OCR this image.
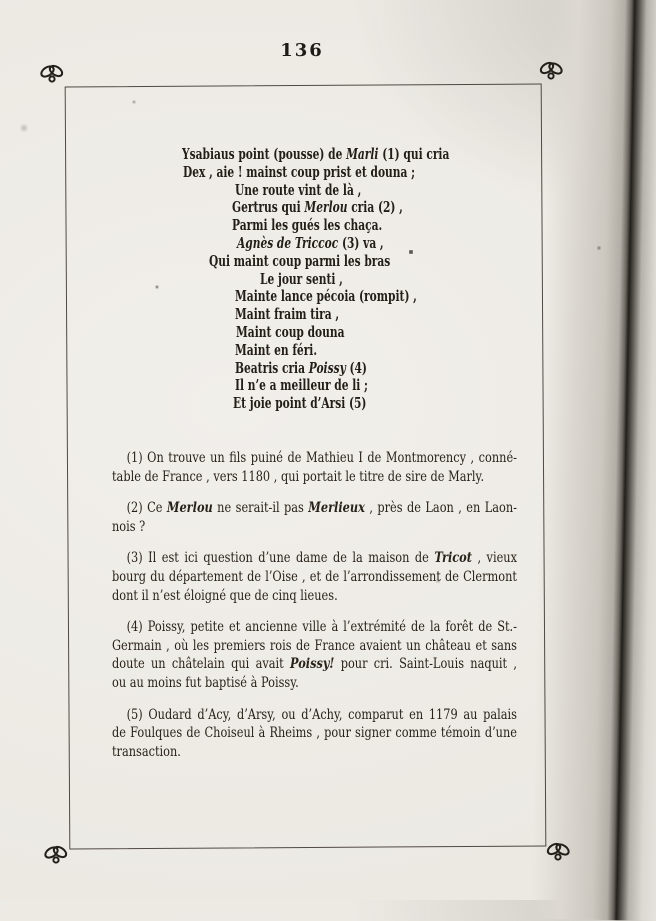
136
Ysabiaus point (pousse) de Marli (1) qui cria
Dex , aie ! mainst coup prist et douna ;
Une route vint de là ,
Gertrus qui Merlou cria (2) ,
Parmi les gués les chaça.
Agnès de Triccoc (3) va ,
Qui maint coup parmi les bras
Le jour senti ,
Mainte lance pécoia (rompit) ,
Maint fraim tira ,
Maint coup douna
Maint en féri.
Beatris cria Poissy (4)
Il n’e a meilleur de li ;
Et joie point d’Arsi (5)
(1) On trouve un fils puiné de Mathieu I de Montmorency , conné-
table de France , vers 1180 , qui portait le titre de sire de Marly.
(2) Ce Merlou ne serait-il pas Merlieux , près de Laon , en Laon-
nois ?
(3) Il est ici question d’une dame de la maison de Tricot , vieux
bourg du département de l’Oise , et de l’arrondissement de Clermont
dont il n’est éloigné que de cinq lieues.
(4) Poissy, petite et ancienne ville à l’extrémité de la forêt de St.-
Germain , où les premiers rois de France avaient un château et sans
doute un châtelain qui avait Poissy! pour cri. Saint-Louis naquit ,
ou au moins fut baptisé à Poissy.
(5) Oudard d’Acy, d’Arsy, ou d’Achy, comparut en 1179 au palais
de Foulques de Choiseul à Rheims , pour signer comme témoin d’une
transaction.
